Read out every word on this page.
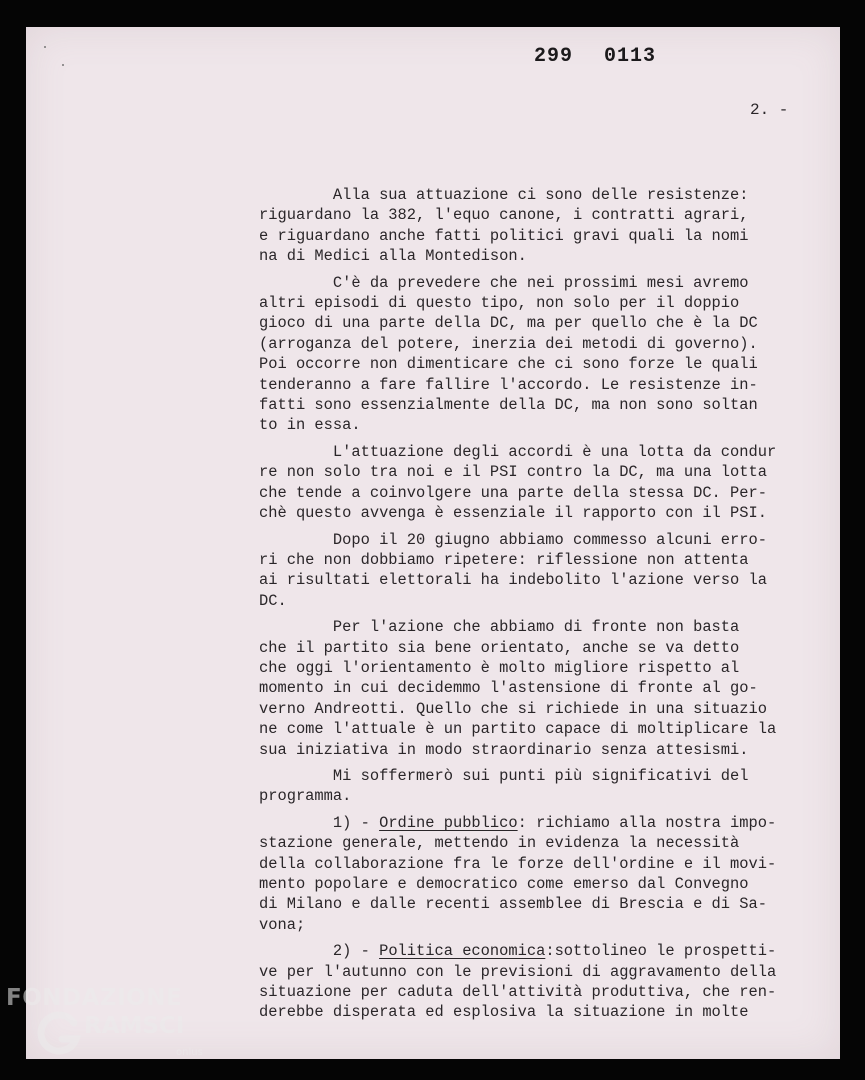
299 0113
2. -
Alla sua attuazione ci sono delle resistenze:
riguardano la 382, l'equo canone, i contratti agrari,
e riguardano anche fatti politici gravi quali la nomi
na di Medici alla Montedison.
C'è da prevedere che nei prossimi mesi avremo
altri episodi di questo tipo, non solo per il doppio
gioco di una parte della DC, ma per quello che è la DC
(arroganza del potere, inerzia dei metodi di governo).
Poi occorre non dimenticare che ci sono forze le quali
tenderanno a fare fallire l'accordo. Le resistenze in-
fatti sono essenzialmente della DC, ma non sono soltan
to in essa.
L'attuazione degli accordi è una lotta da condur
re non solo tra noi e il PSI contro la DC, ma una lotta
che tende a coinvolgere una parte della stessa DC. Per-
chè questo avvenga è essenziale il rapporto con il PSI.
Dopo il 20 giugno abbiamo commesso alcuni erro-
ri che non dobbiamo ripetere: riflessione non attenta
ai risultati elettorali ha indebolito l'azione verso la
DC.
Per l'azione che abbiamo di fronte non basta
che il partito sia bene orientato, anche se va detto
che oggi l'orientamento è molto migliore rispetto al
momento in cui decidemmo l'astensione di fronte al go-
verno Andreotti. Quello che si richiede in una situazio
ne come l'attuale è un partito capace di moltiplicare la
sua iniziativa in modo straordinario senza attesismi.
Mi soffermerò sui punti più significativi del
programma.
1) - Ordine pubblico: richiamo alla nostra impo-
stazione generale, mettendo in evidenza la necessità
della collaborazione fra le forze dell'ordine e il movi-
mento popolare e democratico come emerso dal Convegno
di Milano e dalle recenti assemblee di Brescia e di Sa-
vona;
2) - Politica economica:sottolineo le prospetti-
ve per l'autunno con le previsioni di aggravamento della
situazione per caduta dell'attività produttiva, che ren-
derebbe disperata ed esplosiva la situazione in molte
FONDAZIONE
RAMSCI
onlus
